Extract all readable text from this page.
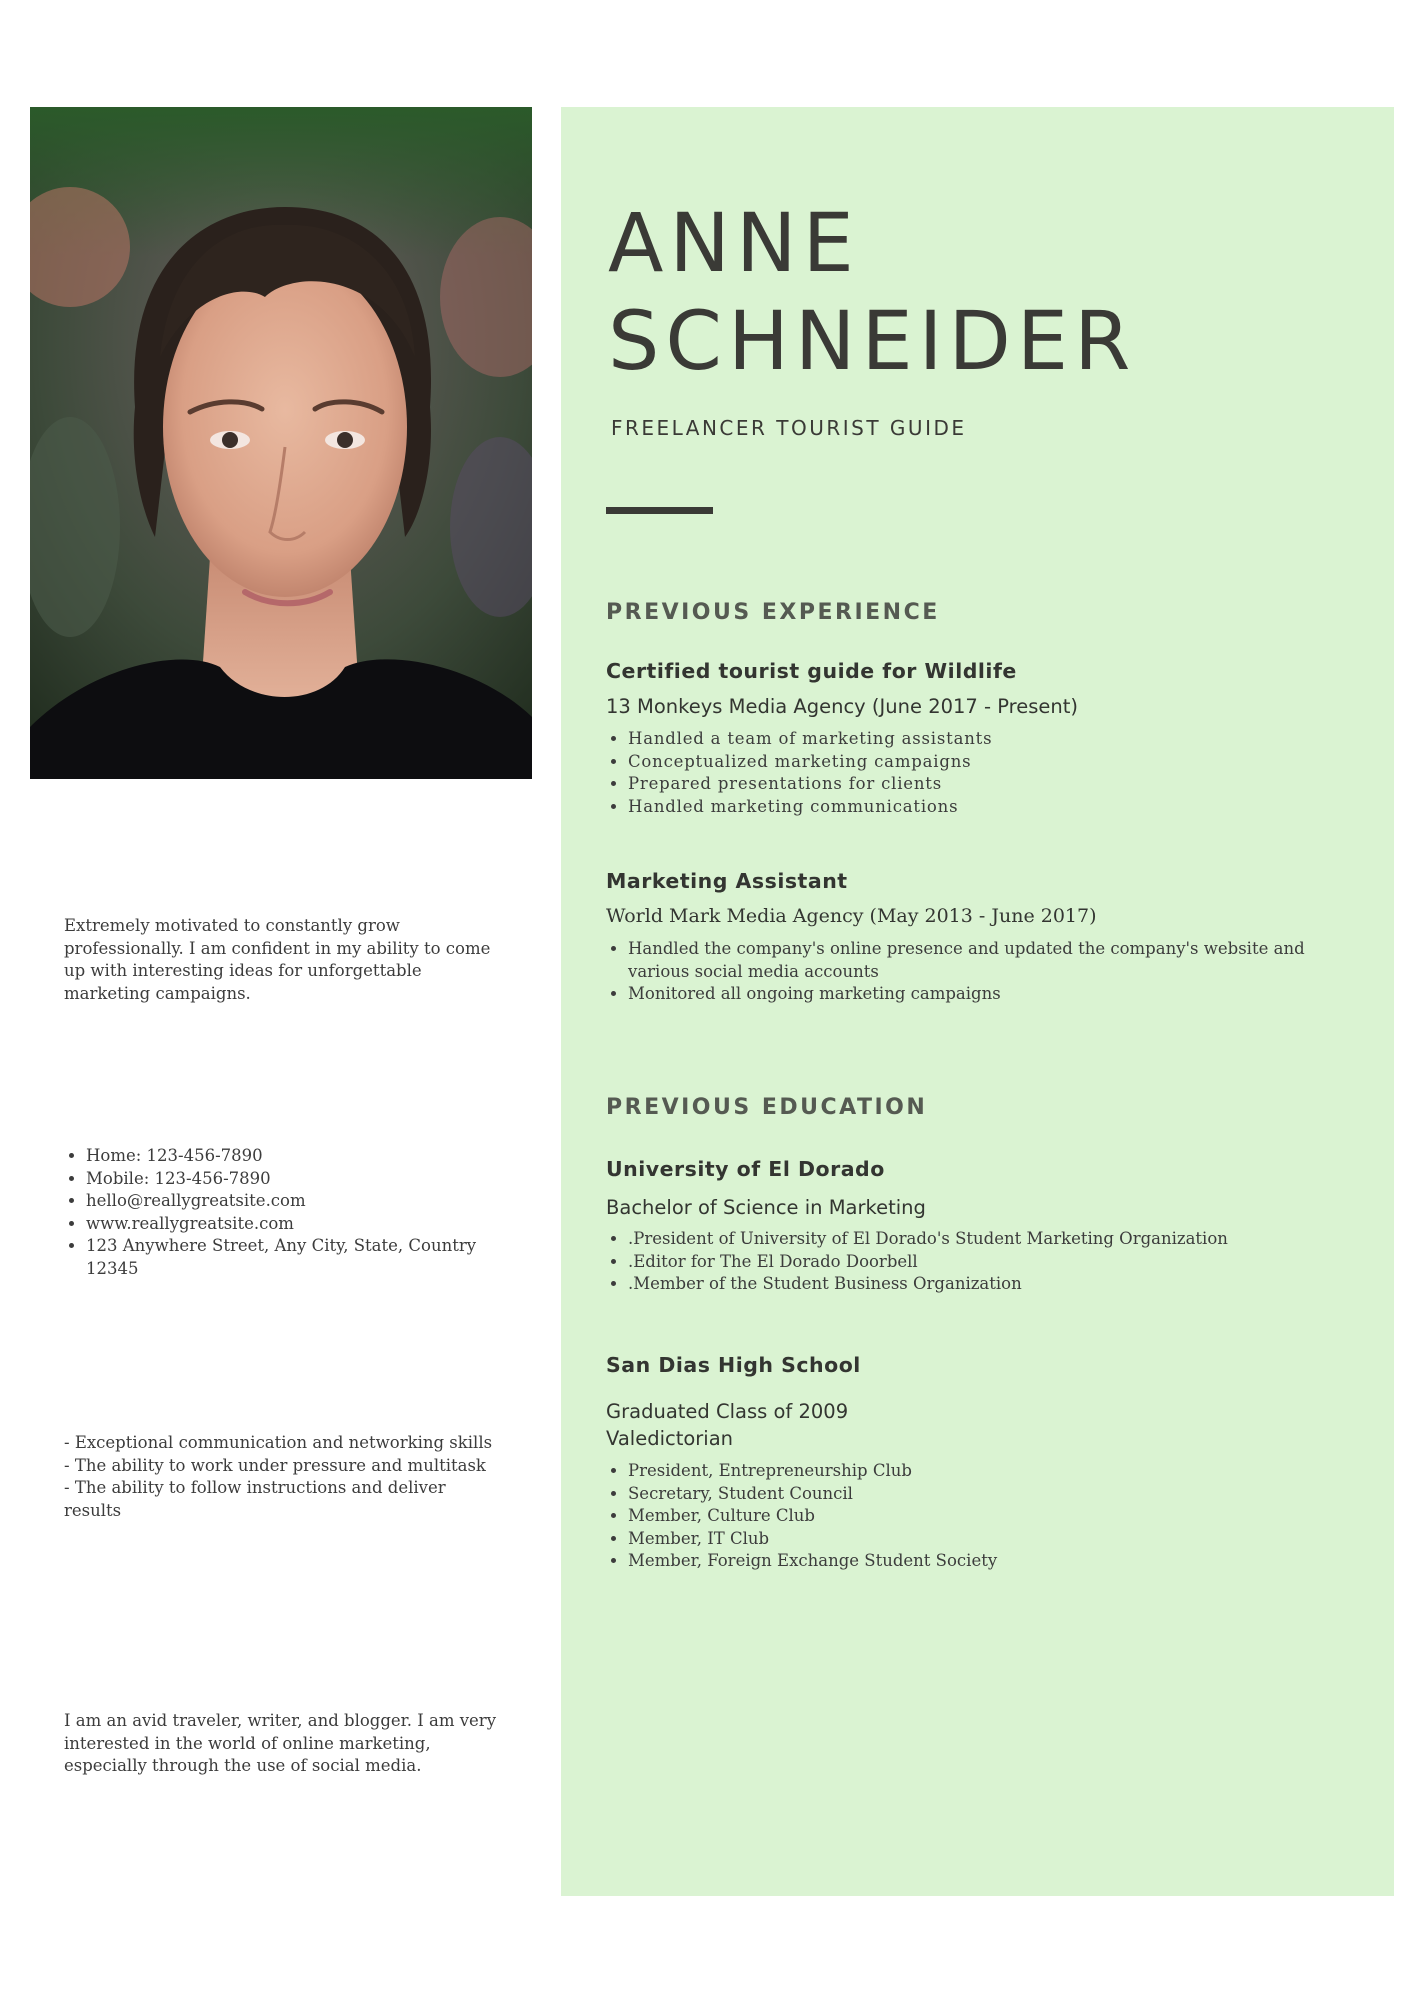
Extremely motivated to constantly grow professionally. I am confident in my ability to come up with interesting ideas for unforgettable marketing campaigns.

• Home: 123-456-7890
• Mobile: 123-456-7890
• hello@reallygreatsite.com
• www.reallygreatsite.com
• 123 Anywhere Street, Any City, State, Country 12345
- Exceptional communication and networking skills
- The ability to work under pressure and multitask
- The ability to follow instructions and deliver results

I am an avid traveler, writer, and blogger. I am very interested in the world of online marketing, especially through the use of social media.

ANNE
SCHNEIDER
FREELANCER TOURIST GUIDE
PREVIOUS EXPERIENCE
Certified tourist guide for Wildlife
13 Monkeys Media Agency (June 2017 - Present)
• Handled a team of marketing assistants
• Conceptualized marketing campaigns
• Prepared presentations for clients
• Handled marketing communications
Marketing Assistant
World Mark Media Agency (May 2013 - June 2017)
• Handled the company's online presence and updated the company's website and various social media accounts
• Monitored all ongoing marketing campaigns
PREVIOUS EDUCATION
University of El Dorado
Bachelor of Science in Marketing
• .President of University of El Dorado's Student Marketing Organization
• .Editor for The El Dorado Doorbell
• .Member of the Student Business Organization
San Dias High School
Graduated Class of 2009
Valedictorian
• President, Entrepreneurship Club
• Secretary, Student Council
• Member, Culture Club
• Member, IT Club
• Member, Foreign Exchange Student Society
